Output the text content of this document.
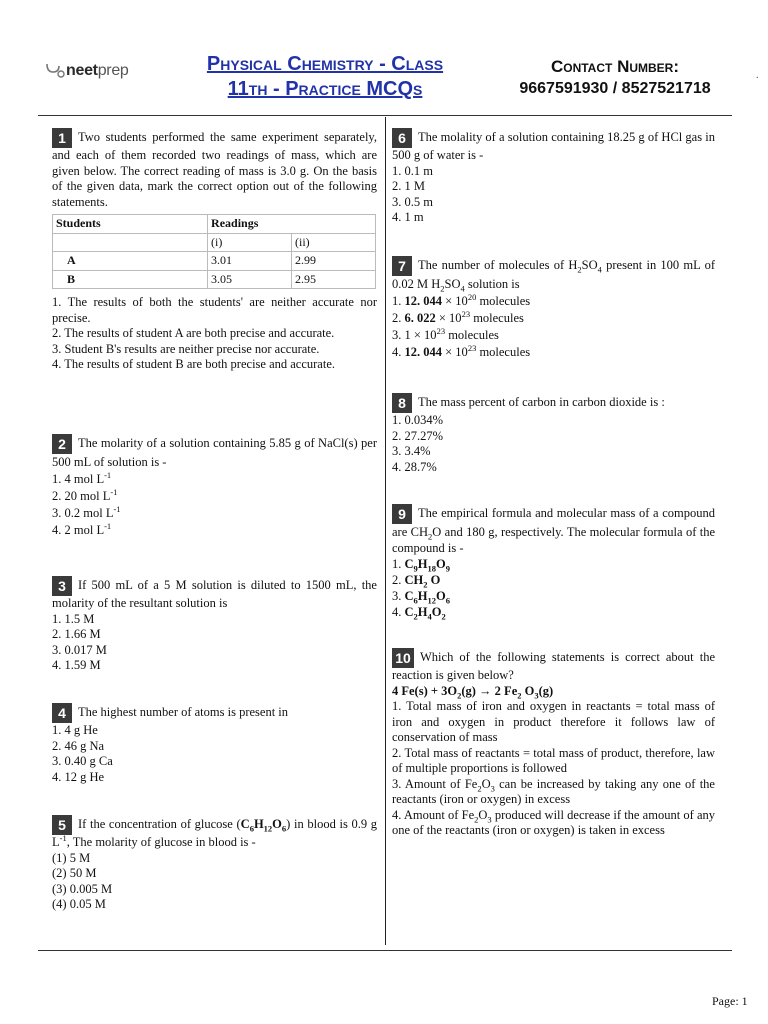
neet prep	Physical Chemistry - Class
11th - Practice MCQs
Contact Number:
9667591930 / 8527521718
.
1 Two students performed the same experiment separately, and each of them recorded two readings of mass, which are given below. The correct reading of mass is 3.0 g. On the basis of the given data, mark the correct option out of the following statements.
Students	Readings	
	(i)	(ii)
A	3.01	2.99
B	3.05	2.95
1. The results of both the students' are neither accurate nor precise.
2. The results of student A are both precise and accurate.
3. Student B's results are neither precise nor accurate.
4. The results of student B are both precise and accurate.
2 The molarity of a solution containing 5.85 g of NaCl(s) per 500 mL of solution is -
1. 4 mol $L^{-1}$
2. 20 mol $L^{-1}$
3. 0.2 mol $L^{-1}$
4. 2 mol $L^{-1}$
3 If 500 mL of a 5 M solution is diluted to 1500 mL, the molarity of the resultant solution is
1. 1.5 M
2. 1.66 M
3. 0.017 M
4. 1.59 M
4 The highest number of atoms is present in
1. 4 g He
2. 46 g Na
3. 0.40 g Ca
4. 12 g He
5 If the concentration of glucose $(C_6H_{12}O_6)$ in blood is 0.9 g $L^{-1}$, The molarity of glucose in blood is -
(1) 5 M
(2) 50 M
(3) 0.005 M
(4) 0.05 M
6 The molality of a solution containing 18.25 g of HCl gas in 500 g of water is -
1. 0.1 m
2. 1 M
3. 0.5 m
4. 1 m
7 The number of molecules of $H_2SO_4$ present in 100 mL of 0.02 M $H_2SO_4$ solution is
1. 12. $044 \times 10^{20}$ molecules
2. 6. $022 \times 10^{23}$ molecules
3. $1 \times 10^{23}$ molecules
4. 12. $044 \times 10^{23}$ molecules
8 The mass percent of carbon in carbon dioxide is :
1. 0.034%
2. 27.27%
3. 3.4%
4. 28.7%
9 The empirical formula and molecular mass of a compound are $CH_2O$ and 180 g, respectively. The molecular formula of the compound is -
1. $C_9H_{18}O_9$
2. $CH_2$ O
3. $C_6H_{12}O_6$
4. $C_2H_4O_2$
10 Which of the following statements is correct about the reaction is given below?
4 $Fe(s) + 3O_2(g) \to 2$ $Fe_2$ $O_3(g)$
1. Total mass of iron and oxygen in reactants = total mass of iron and oxygen in product therefore it follows law of conservation of mass
2. Total mass of reactants = total mass of product, therefore, law of multiple proportions is followed
3. Amount of $Fe_2O_3$ can be increased by taking any one of the reactants (iron or oxygen) in excess
4. Amount of $Fe_2O_3$ produced will decrease if the amount of any one of the reactants (iron or oxygen) is taken in excess
Page: 1
